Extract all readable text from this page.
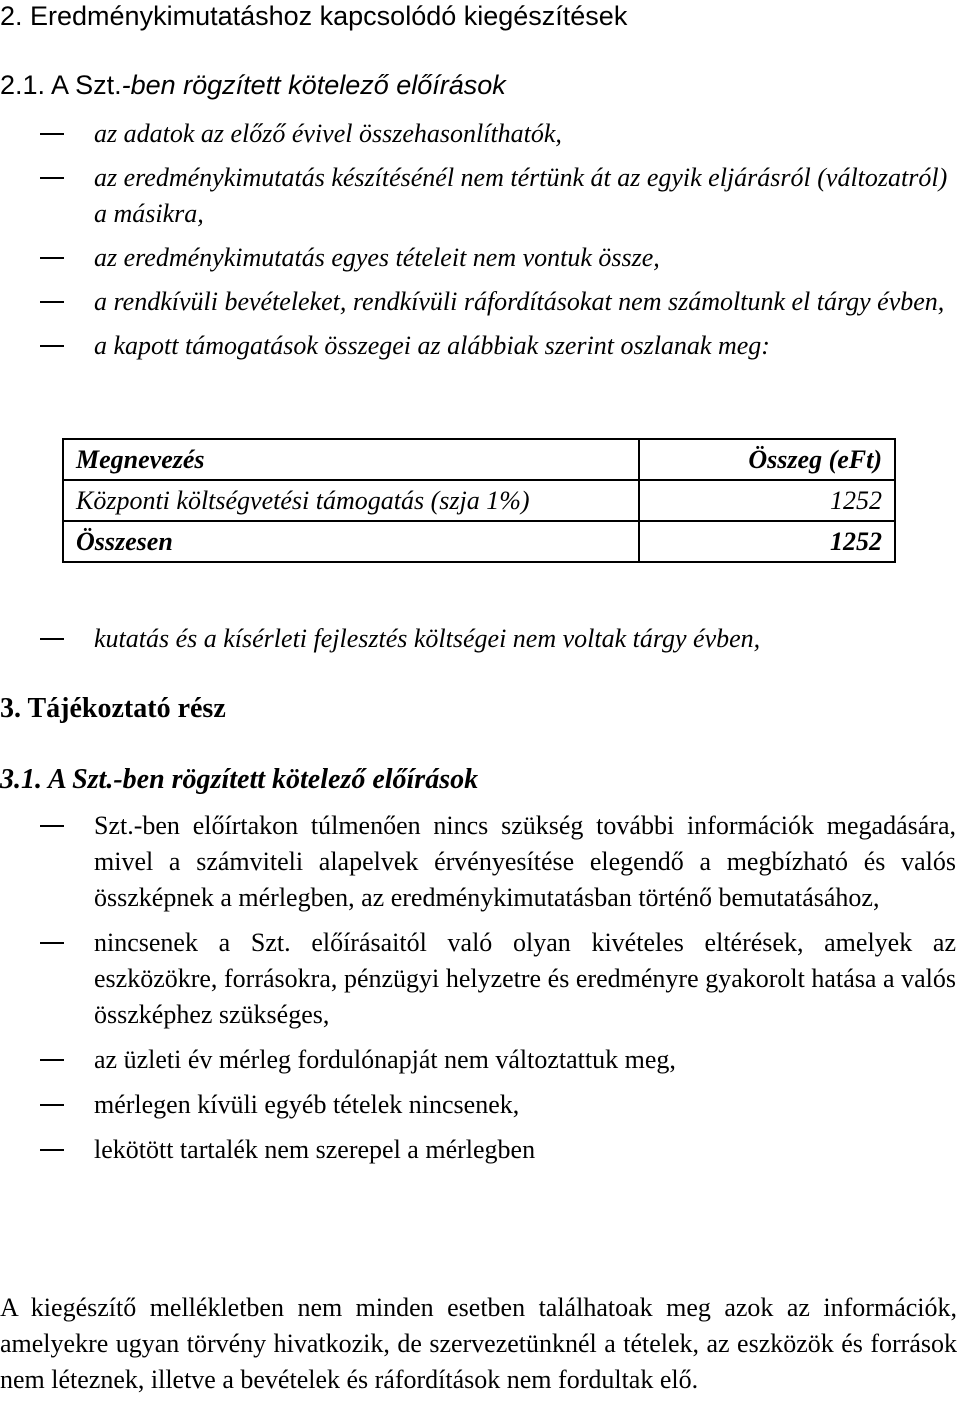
2. Eredménykimutatáshoz kapcsolódó kiegészítések
2.1. A Szt.-ben rögzített kötelező előírások
az adatok az előző évivel összehasonlíthatók,
az eredménykimutatás készítésénél nem tértünk át az egyik eljárásról (változatról) a másikra,
az eredménykimutatás egyes tételeit nem vontuk össze,
a rendkívüli bevételeket, rendkívüli ráfordításokat nem számoltunk el tárgy évben,
a kapott támogatások összegei az alábbiak szerint oszlanak meg:
Megnevezés	Összeg (eFt)
Központi költségvetési támogatás (szja 1%)	1252
Összesen	1252
kutatás és a kísérleti fejlesztés költségei nem voltak tárgy évben,
3. Tájékoztató rész
3.1. A Szt.-ben rögzített kötelező előírások
Szt.-ben előírtakon túlmenően nincs szükség további információk megadására, mivel a számviteli alapelvek érvényesítése elegendő a megbízható és valós összképnek a mérlegben, az eredménykimutatásban történő bemutatásához,
nincsenek a Szt. előírásaitól való olyan kivételes eltérések, amelyek az eszközökre, forrásokra, pénzügyi helyzetre és eredményre gyakorolt hatása a valós összképhez szükséges,
az üzleti év mérleg fordulónapját nem változtattuk meg,
mérlegen kívüli egyéb tételek nincsenek,
lekötött tartalék nem szerepel a mérlegben

A kiegészítő mellékletben nem minden esetben találhatoak meg azok az információk, amelyekre ugyan törvény hivatkozik, de szervezetünknél a tételek, az eszközök és források nem léteznek, illetve a bevételek és ráfordítások nem fordultak elő.
